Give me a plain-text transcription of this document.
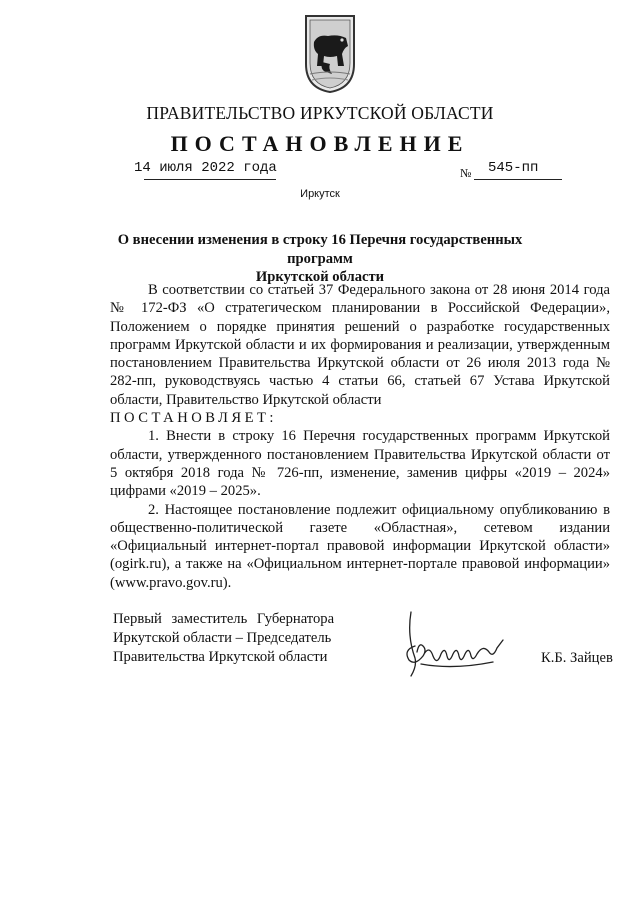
ПРАВИТЕЛЬСТВО ИРКУТСКОЙ ОБЛАСТИ
ПОСТАНОВЛЕНИЕ
14 июля 2022 года	№ 545-пп
Иркутск
О внесении изменения в строку 16 Перечня государственных программ
Иркутской области

В соответствии со статьей 37 Федерального закона от 28 июня 2014 года № 172-ФЗ «О стратегическом планировании в Российской Федерации», Положением о порядке принятия решений о разработке государственных программ Иркутской области и их формирования и реализации, утвержденным постановлением Правительства Иркутской области от 26 июля 2013 года № 282-пп, руководствуясь частью 4 статьи 66, статьей 67 Устава Иркутской области, Правительство Иркутской области

ПОСТАНОВЛЯЕТ:

1. Внести в строку 16 Перечня государственных программ Иркутской области, утвержденного постановлением Правительства Иркутской области от 5 октября 2018 года № 726-пп, изменение, заменив цифры «2019 – 2024» цифрами «2019 – 2025».

2. Настоящее постановление подлежит официальному опубликованию в общественно-политической газете «Областная», сетевом издании «Официальный интернет-портал правовой информации Иркутской области» (ogirk.ru), а также на «Официальном интернет-портале правовой информации» (www.pravo.gov.ru).

Первый заместитель Губернатора
Иркутской области – Председатель
Правительства Иркутской области	К.Б. Зайцев
